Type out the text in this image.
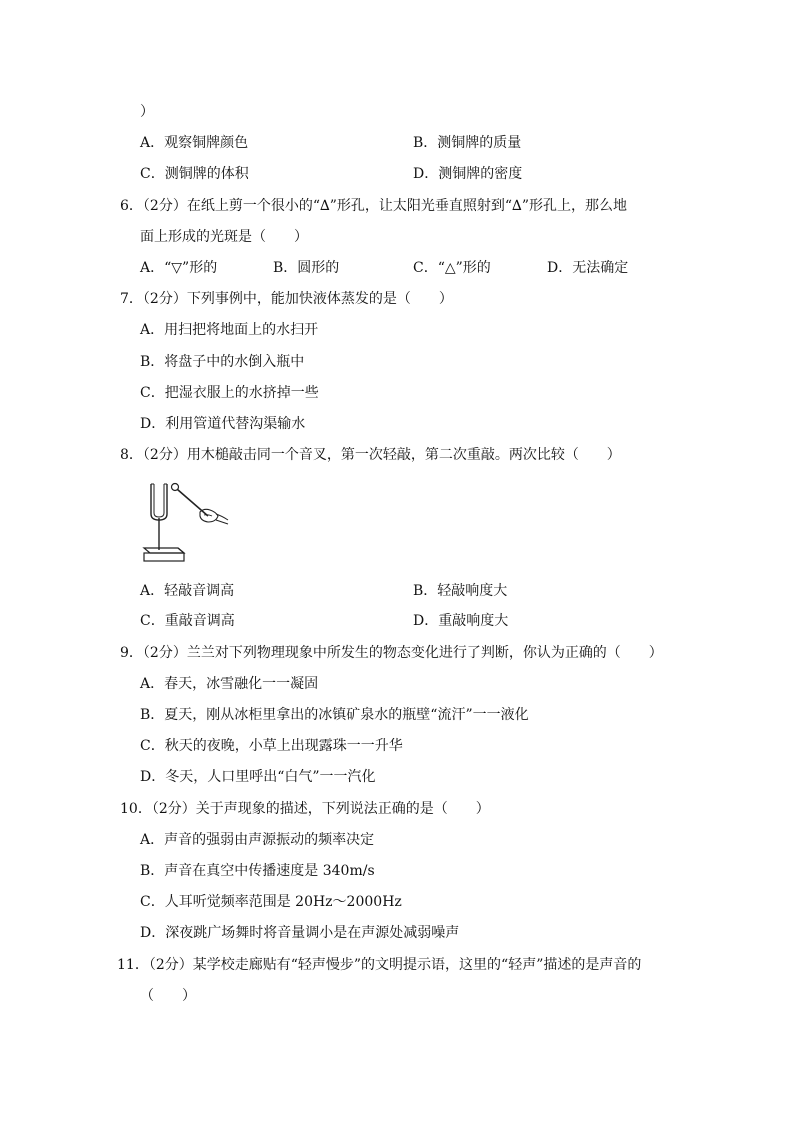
）
A．观察铜牌颜色	B．测铜牌的质量
C．测铜牌的体积	D．测铜牌的密度
6．（2分）在纸上剪一个很小的“∆”形孔，让太阳光垂直照射到“∆”形孔上，那么地
面上形成的光斑是（　　）
A．“▽”形的	B．圆形的	C．“△”形的	D．无法确定
7．（2分）下列事例中，能加快液体蒸发的是（　　）
A．用扫把将地面上的水扫开
B．将盘子中的水倒入瓶中
C．把湿衣服上的水挤掉一些
D．利用管道代替沟渠输水
8．（2分）用木槌敲击同一个音叉，第一次轻敲，第二次重敲。两次比较（　　）
A．轻敲音调高	B．轻敲响度大
C．重敲音调高	D．重敲响度大
9．（2分）兰兰对下列物理现象中所发生的物态变化进行了判断，你认为正确的（　　）
A．春天，冰雪融化一一凝固
B．夏天，刚从冰柜里拿出的冰镇矿泉水的瓶壁“流汗”一一液化
C．秋天的夜晚，小草上出现露珠一一升华
D．冬天，人口里呼出“白气”一一汽化
10．（2分）关于声现象的描述，下列说法正确的是（　　）
A．声音的强弱由声源振动的频率决定
B．声音在真空中传播速度是 340m/s
C．人耳听觉频率范围是 20Hz～2000Hz
D．深夜跳广场舞时将音量调小是在声源处减弱噪声
11．（2分）某学校走廊贴有“轻声慢步”的文明提示语，这里的“轻声”描述的是声音的
（　　）
